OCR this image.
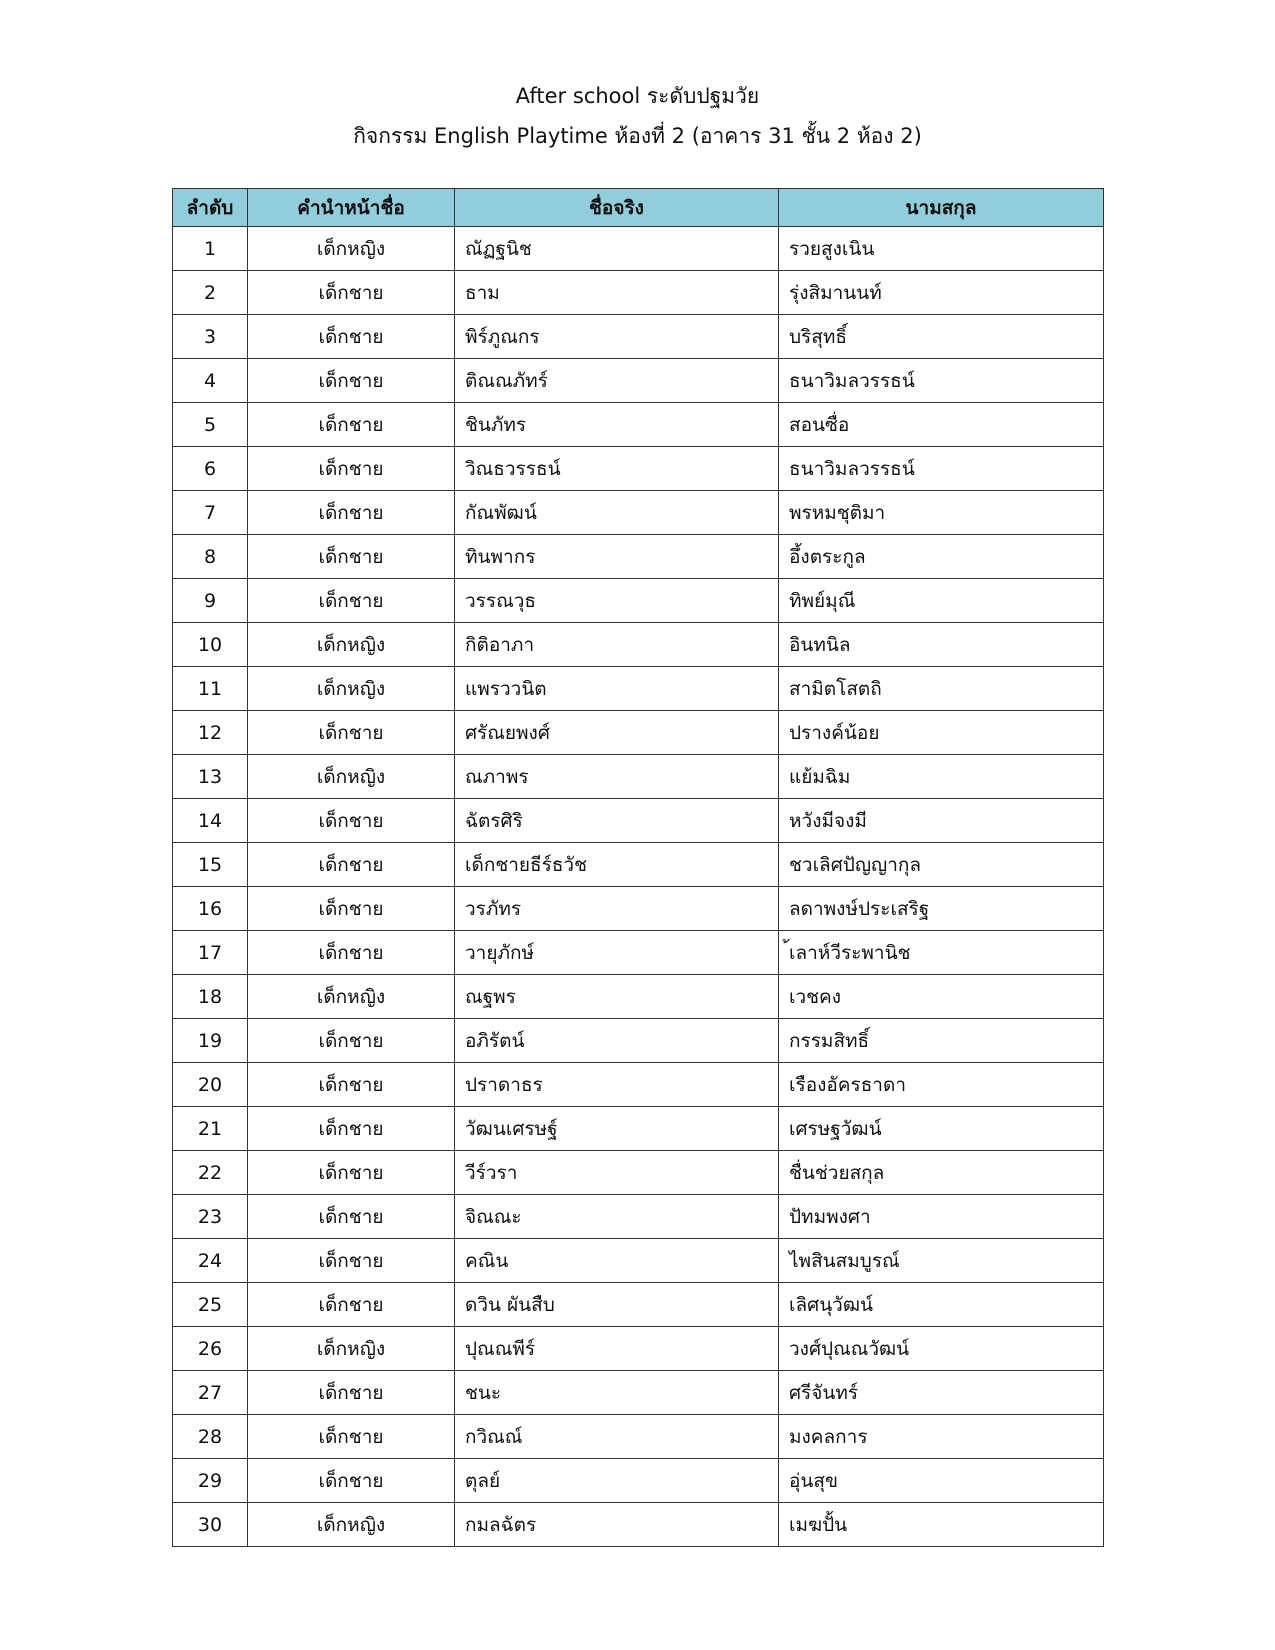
After school ระดับปฐมวัย
กิจกรรม English Playtime ห้องที่ 2 (อาคาร 31 ชั้น 2 ห้อง 2)
ลำดับ	คำนำหน้าชื่อ	ชื่อจริง	นามสกุล
1	เด็กหญิง	ณัฏฐนิช	รวยสูงเนิน
2	เด็กชาย	ธาม	รุ่งสิมานนท์
3	เด็กชาย	พิร์ภูณกร	บริสุทธิ์
4	เด็กชาย	ติณณภัทร์	ธนาวิมลวรรธน์
5	เด็กชาย	ชินภัทร	สอนซื่อ
6	เด็กชาย	วิณธวรรธน์	ธนาวิมลวรรธน์
7	เด็กชาย	กัณพัฒน์	พรหมชุติมา
8	เด็กชาย	ทินพากร	อึ้งตระกูล
9	เด็กชาย	วรรณวุธ	ทิพย์มุณี
10	เด็กหญิง	กิติอาภา	อินทนิล
11	เด็กหญิง	แพรววนิต	สามิตโสตถิ
12	เด็กชาย	ศรัณยพงศ์	ปรางค์น้อย
13	เด็กหญิง	ณภาพร	แย้มฉิม
14	เด็กชาย	ฉัตรศิริ	หวังมีจงมี
15	เด็กชาย	เด็กชายธีร์ธวัช	ชวเลิศปัญญากุล
16	เด็กชาย	วรภัทร	ลดาพงษ์ประเสริฐ
17	เด็กชาย	วายุภักษ์	้เลาห์วีระพานิช
18	เด็กหญิง	ณฐพร	เวชคง
19	เด็กชาย	อภิรัตน์	กรรมสิทธิ์
20	เด็กชาย	ปราดาธร	เรืองอัครธาดา
21	เด็กชาย	วัฒนเศรษฐ์	เศรษฐวัฒน์
22	เด็กชาย	วีร์วรา	ชื่นช่วยสกุล
23	เด็กชาย	จิณณะ	ปัทมพงศา
24	เด็กชาย	คณิน	ไพสินสมบูรณ์
25	เด็กชาย	ดวิน ผันสืบ	เลิศนุวัฒน์
26	เด็กหญิง	ปุณณพีร์	วงศ์ปุณณวัฒน์
27	เด็กชาย	ชนะ	ศรีจันทร์
28	เด็กชาย	กวิณณ์	มงคลการ
29	เด็กชาย	ตุลย์	อุ่นสุข
30	เด็กหญิง	กมลฉัตร	เมฆปั้น
